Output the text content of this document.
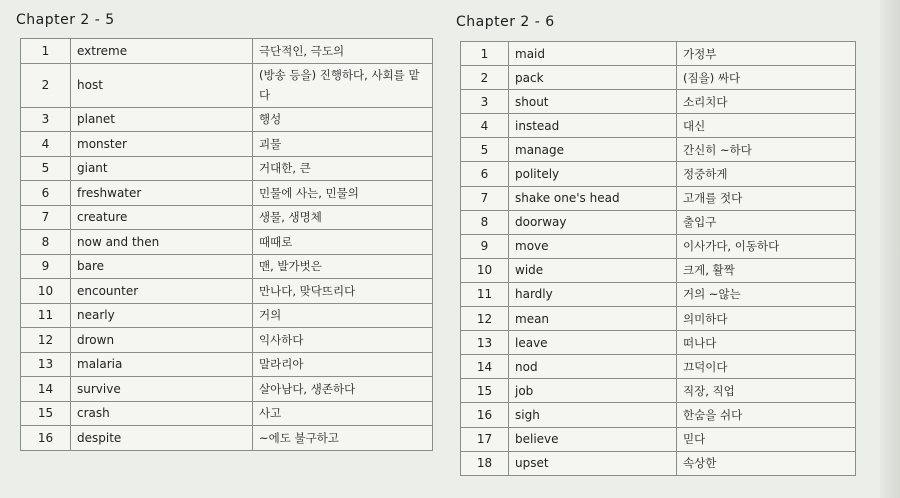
Chapter 2 - 5
1	extreme	극단적인, 극도의
2	host	(방송 등을) 진행하다, 사회를 맡다
3	planet	행성
4	monster	괴물
5	giant	거대한, 큰
6	freshwater	민물에 사는, 민물의
7	creature	생물, 생명체
8	now and then	때때로
9	bare	맨, 발가벗은
10	encounter	만나다, 맞닥뜨리다
11	nearly	거의
12	drown	익사하다
13	malaria	말라리아
14	survive	살아남다, 생존하다
15	crash	사고
16	despite	~에도 불구하고
Chapter 2 - 6
1	maid	가정부
2	pack	(짐을) 싸다
3	shout	소리치다
4	instead	대신
5	manage	간신히 ~하다
6	politely	정중하게
7	shake one's head	고개를 젓다
8	doorway	출입구
9	move	이사가다, 이동하다
10	wide	크게, 활짝
11	hardly	거의 ~않는
12	mean	의미하다
13	leave	떠나다
14	nod	끄덕이다
15	job	직장, 직업
16	sigh	한숨을 쉬다
17	believe	믿다
18	upset	속상한
